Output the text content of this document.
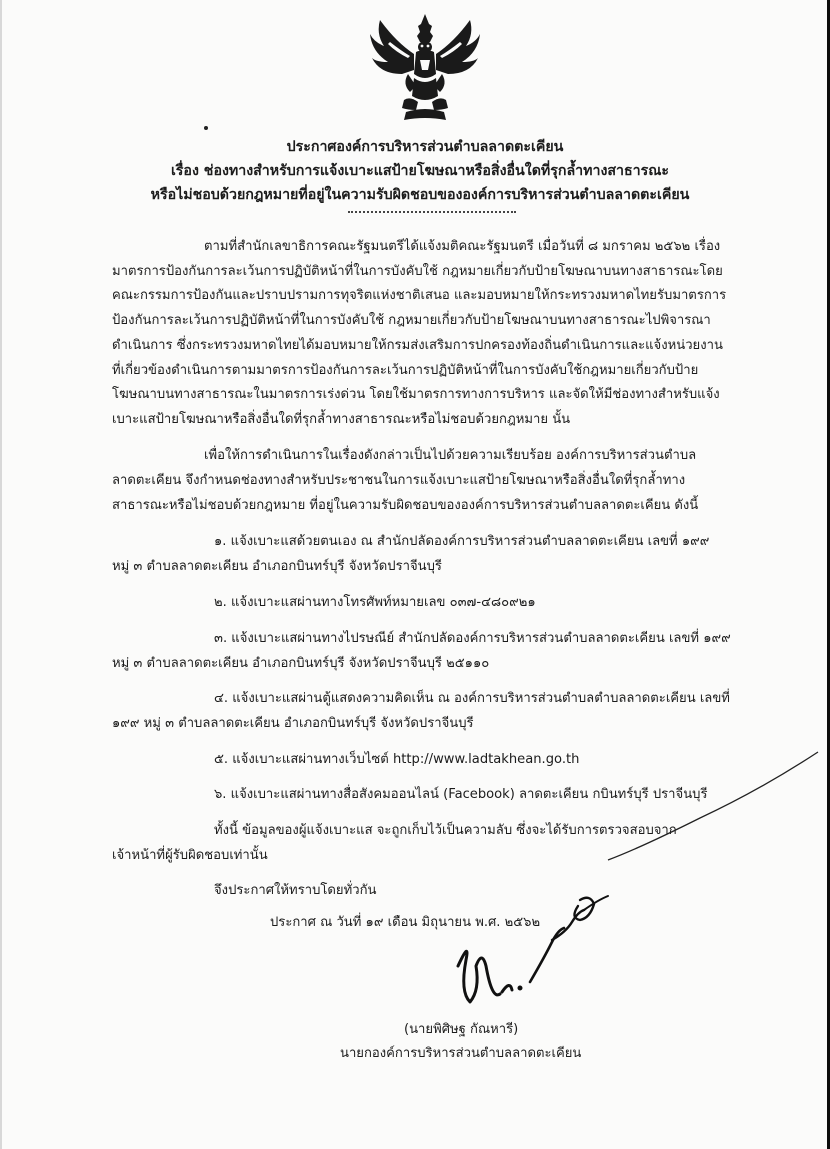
ประกาศองค์การบริหารส่วนตำบลลาดตะเคียน
เรื่อง ช่องทางสำหรับการแจ้งเบาะแสป้ายโฆษณาหรือสิ่งอื่นใดที่รุกล้ำทางสาธารณะ
หรือไม่ชอบด้วยกฎหมายที่อยู่ในความรับผิดชอบขององค์การบริหารส่วนตำบลลาดตะเคียน
ตามที่สำนักเลขาธิการคณะรัฐมนตรีได้แจ้งมติคณะรัฐมนตรี เมื่อวันที่ ๘ มกราคม ๒๕๖๒ เรื่อง
มาตรการป้องกันการละเว้นการปฏิบัติหน้าที่ในการบังคับใช้ กฎหมายเกี่ยวกับป้ายโฆษณาบนทางสาธารณะโดย
คณะกรรมการป้องกันและปราบปรามการทุจริตแห่งชาติเสนอ และมอบหมายให้กระทรวงมหาดไทยรับมาตรการ
ป้องกันการละเว้นการปฏิบัติหน้าที่ในการบังคับใช้ กฎหมายเกี่ยวกับป้ายโฆษณาบนทางสาธารณะไปพิจารณา
ดำเนินการ ซึ่งกระทรวงมหาดไทยได้มอบหมายให้กรมส่งเสริมการปกครองท้องถิ่นดำเนินการและแจ้งหน่วยงาน
ที่เกี่ยวข้องดำเนินการตามมาตรการป้องกันการละเว้นการปฏิบัติหน้าที่ในการบังคับใช้กฎหมายเกี่ยวกับป้าย
โฆษณาบนทางสาธารณะในมาตรการเร่งด่วน โดยใช้มาตรการทางการบริหาร และจัดให้มีช่องทางสำหรับแจ้ง
เบาะแสป้ายโฆษณาหรือสิ่งอื่นใดที่รุกล้ำทางสาธารณะหรือไม่ชอบด้วยกฎหมาย นั้น
เพื่อให้การดำเนินการในเรื่องดังกล่าวเป็นไปด้วยความเรียบร้อย องค์การบริหารส่วนตำบล
ลาดตะเคียน จึงกำหนดช่องทางสำหรับประชาชนในการแจ้งเบาะแสป้ายโฆษณาหรือสิ่งอื่นใดที่รุกล้ำทาง
สาธารณะหรือไม่ชอบด้วยกฎหมาย ที่อยู่ในความรับผิดชอบขององค์การบริหารส่วนตำบลลาดตะเคียน ดังนี้
๑. แจ้งเบาะแสด้วยตนเอง ณ สำนักปลัดองค์การบริหารส่วนตำบลลาดตะเคียน เลขที่ ๑๙๙
หมู่ ๓ ตำบลลาดตะเคียน อำเภอกบินทร์บุรี จังหวัดปราจีนบุรี
๒. แจ้งเบาะแสผ่านทางโทรศัพท์หมายเลข ๐๓๗-๔๘๐๙๒๑
๓. แจ้งเบาะแสผ่านทางไปรษณีย์ สำนักปลัดองค์การบริหารส่วนตำบลลาดตะเคียน เลขที่ ๑๙๙
หมู่ ๓ ตำบลลาดตะเคียน อำเภอกบินทร์บุรี จังหวัดปราจีนบุรี ๒๕๑๑๐
๔. แจ้งเบาะแสผ่านตู้แสดงความคิดเห็น ณ องค์การบริหารส่วนตำบลตำบลลาดตะเคียน เลขที่
๑๙๙ หมู่ ๓ ตำบลลาดตะเคียน อำเภอกบินทร์บุรี จังหวัดปราจีนบุรี
๕. แจ้งเบาะแสผ่านทางเว็บไซต์ http://www.ladtakhean.go.th
๖. แจ้งเบาะแสผ่านทางสื่อสังคมออนไลน์ (Facebook) ลาดตะเคียน กบินทร์บุรี ปราจีนบุรี
ทั้งนี้ ข้อมูลของผู้แจ้งเบาะแส จะถูกเก็บไว้เป็นความลับ ซึ่งจะได้รับการตรวจสอบจาก
เจ้าหน้าที่ผู้รับผิดชอบเท่านั้น
จึงประกาศให้ทราบโดยทั่วกัน
ประกาศ ณ วันที่ ๑๙ เดือน มิถุนายน พ.ศ. ๒๕๖๒
(นายพิศิษฐ กัณหารี)
นายกองค์การบริหารส่วนตำบลลาดตะเคียน
